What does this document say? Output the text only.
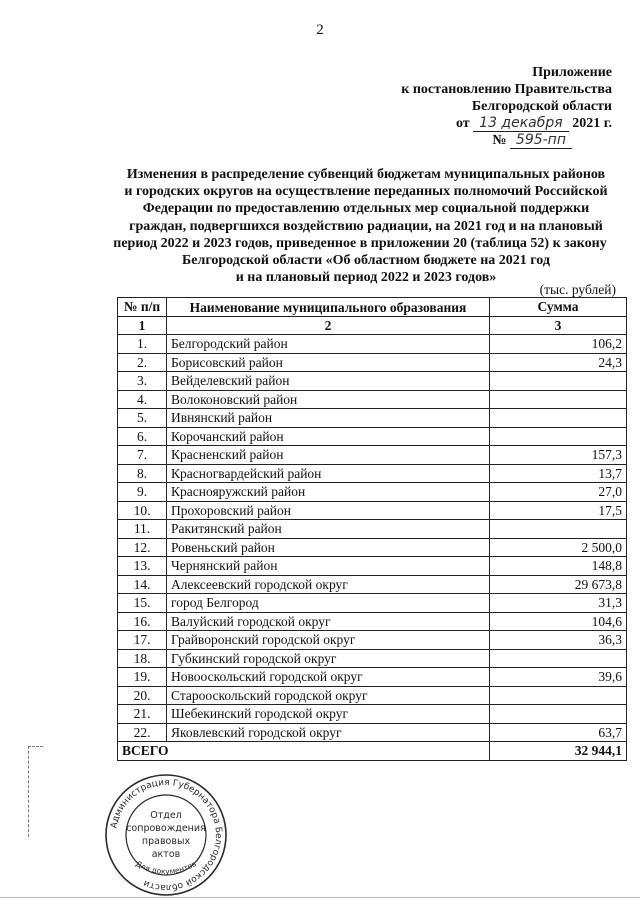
2
Приложение
к постановлению Правительства
Белгородской области
от 13 декабря 2021 г.
№ 595-пп
Изменения в распределение субвенций бюджетам муниципальных районов
и городских округов на осуществление переданных полномочий Российской
Федерации по предоставлению отдельных мер социальной поддержки
граждан, подвергшихся воздействию радиации, на 2021 год и на плановый
период 2022 и 2023 годов, приведенное в приложении 20 (таблица 52) к закону
Белгородской области «Об областном бюджете на 2021 год
и на плановый период 2022 и 2023 годов»
(тыс. рублей)
№ п/п	Наименование муниципального образования	Сумма
1	2	3
1.	Белгородский район	106,2
2.	Борисовский район	24,3
3.	Вейделевский район	
4.	Волоконовский район	
5.	Ивнянский район	
6.	Корочанский район	
7.	Красненский район	157,3
8.	Красногвардейский район	13,7
9.	Краснояружский район	27,0
10.	Прохоровский район	17,5
11.	Ракитянский район	
12.	Ровеньский район	2 500,0
13.	Чернянский район	148,8
14.	Алексеевский городской округ	29 673,8
15.	город Белгород	31,3
16.	Валуйский городской округ	104,6
17.	Грайворонский городской округ	36,3
18.	Губкинский городской округ	
19.	Новооскольский городской округ	39,6
20.	Старооскольский городской округ	
21.	Шебекинский городской округ	
22.	Яковлевский городской округ	63,7
ВСЕГО		32 944,1
Администрация Губернатора Белгородской области
Для документов
Отдел
сопровождения
правовых
актов
